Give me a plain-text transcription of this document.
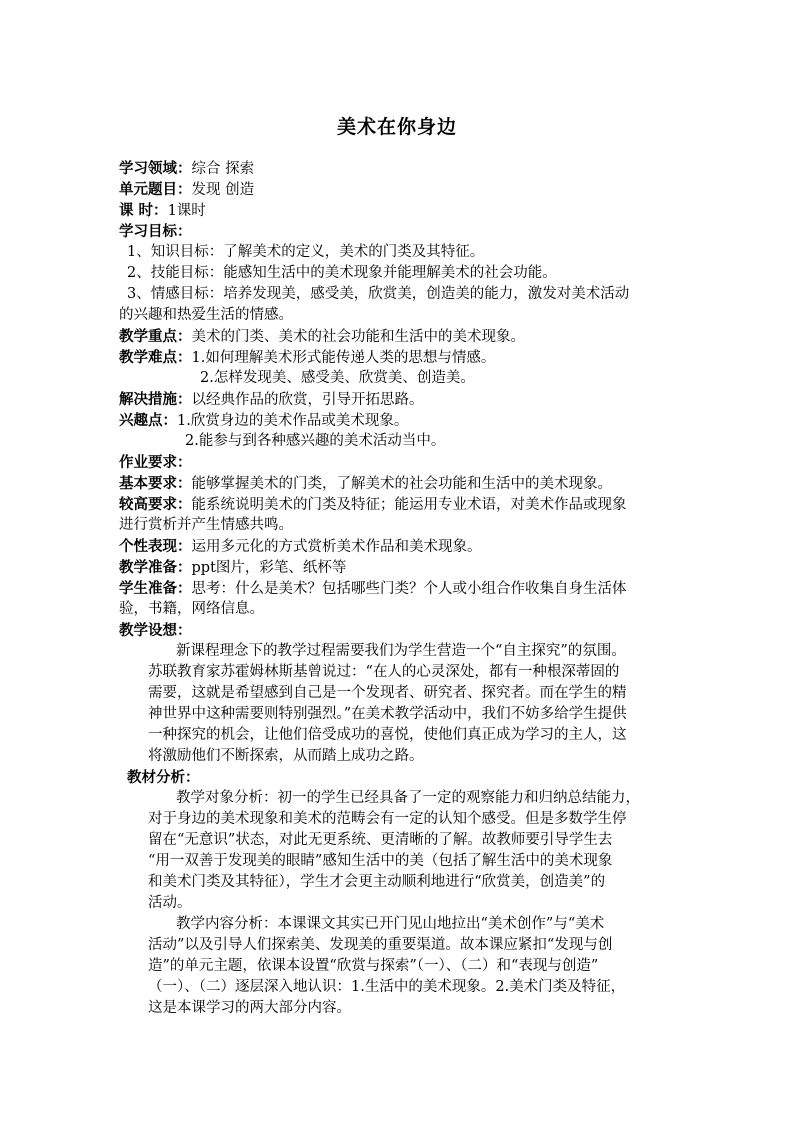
美术在你身边
学习领域：综合 探索
单元题目：发现 创造
课 时：1课时
学习目标：
1、知识目标：了解美术的定义，美术的门类及其特征。
2、技能目标：能感知生活中的美术现象并能理解美术的社会功能。
3、情感目标：培养发现美，感受美，欣赏美，创造美的能力，激发对美术活动
的兴趣和热爱生活的情感。
教学重点：美术的门类、美术的社会功能和生活中的美术现象。
教学难点：1.如何理解美术形式能传递人类的思想与情感。
2.怎样发现美、感受美、欣赏美、创造美。
解决措施：以经典作品的欣赏，引导开拓思路。
兴趣点：1.欣赏身边的美术作品或美术现象。
2.能参与到各种感兴趣的美术活动当中。
作业要求：
基本要求：能够掌握美术的门类，了解美术的社会功能和生活中的美术现象。
较高要求：能系统说明美术的门类及特征；能运用专业术语，对美术作品或现象
进行赏析并产生情感共鸣。
个性表现：运用多元化的方式赏析美术作品和美术现象。
教学准备：ppt图片，彩笔、纸杯等
学生准备：思考：什么是美术？包括哪些门类？个人或小组合作收集自身生活体
验，书籍，网络信息。
教学设想：
新课程理念下的教学过程需要我们为学生营造一个“自主探究”的氛围。
苏联教育家苏霍姆林斯基曾说过：“在人的心灵深处，都有一种根深蒂固的
需要，这就是希望感到自己是一个发现者、研究者、探究者。而在学生的精
神世界中这种需要则特别强烈。”在美术教学活动中，我们不妨多给学生提供
一种探究的机会，让他们倍受成功的喜悦，使他们真正成为学习的主人，这
将激励他们不断探索，从而踏上成功之路。
教材分析：
教学对象分析：初一的学生已经具备了一定的观察能力和归纳总结能力，
对于身边的美术现象和美术的范畴会有一定的认知个感受。但是多数学生停
留在“无意识”状态，对此无更系统、更清晰的了解。故教师要引导学生去
“用一双善于发现美的眼睛”感知生活中的美（包括了解生活中的美术现象
和美术门类及其特征），学生才会更主动顺利地进行“欣赏美，创造美”的
活动。
教学内容分析：本课课文其实已开门见山地拉出“美术创作”与“美术
活动”以及引导人们探索美、发现美的重要渠道。故本课应紧扣“发现与创
造”的单元主题，依课本设置“欣赏与探索”（一）、（二）和“表现与创造”
（一）、（二）逐层深入地认识：1.生活中的美术现象。2.美术门类及特征，
这是本课学习的两大部分内容。
